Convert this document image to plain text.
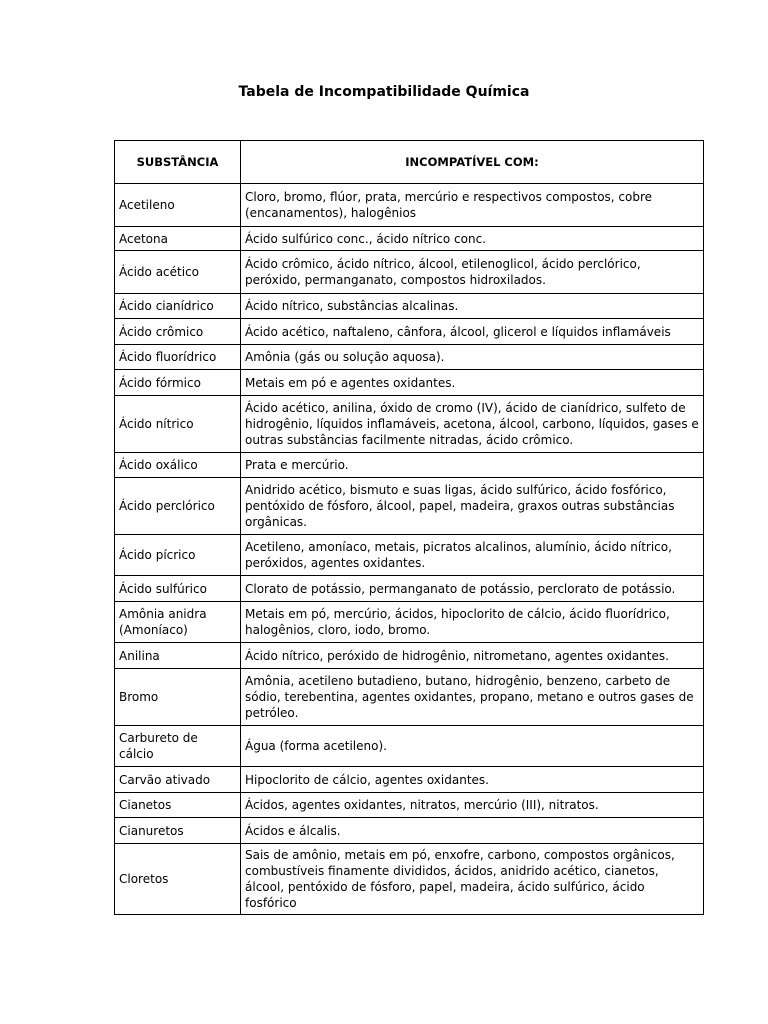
Tabela de Incompatibilidade Química
SUBSTÂNCIA	INCOMPATÍVEL COM:
Acetileno	Cloro, bromo, flúor, prata, mercúrio e respectivos compostos, cobre (encanamentos), halogênios
Acetona	Ácido sulfúrico conc., ácido nítrico conc.
Ácido acético	Ácido crômico, ácido nítrico, álcool, etilenoglicol, ácido perclórico, peróxido, permanganato, compostos hidroxilados.
Ácido cianídrico	Ácido nítrico, substâncias alcalinas.
Ácido crômico	Ácido acético, naftaleno, cânfora, álcool, glicerol e líquidos inflamáveis
Ácido fluorídrico	Amônia (gás ou solução aquosa).
Ácido fórmico	Metais em pó e agentes oxidantes.
Ácido nítrico	Ácido acético, anilina, óxido de cromo (IV), ácido de cianídrico, sulfeto de hidrogênio, líquidos inflamáveis, acetona, álcool, carbono, líquidos, gases e outras substâncias facilmente nitradas, ácido crômico.
Ácido oxálico	Prata e mercúrio.
Ácido perclórico	Anidrido acético, bismuto e suas ligas, ácido sulfúrico, ácido fosfórico, pentóxido de fósforo, álcool, papel, madeira, graxos outras substâncias orgânicas.
Ácido pícrico	Acetileno, amoníaco, metais, picratos alcalinos, alumínio, ácido nítrico, peróxidos, agentes oxidantes.
Ácido sulfúrico	Clorato de potássio, permanganato de potássio, perclorato de potássio.
Amônia anidra (Amoníaco)	Metais em pó, mercúrio, ácidos, hipoclorito de cálcio, ácido fluorídrico, halogênios, cloro, iodo, bromo.
Anilina	Ácido nítrico, peróxido de hidrogênio, nitrometano, agentes oxidantes.
Bromo	Amônia, acetileno butadieno, butano, hidrogênio, benzeno, carbeto de sódio, terebentina, agentes oxidantes, propano, metano e outros gases de petróleo.
Carbureto de cálcio	Água (forma acetileno).
Carvão ativado	Hipoclorito de cálcio, agentes oxidantes.
Cianetos	Ácidos, agentes oxidantes, nitratos, mercúrio (III), nitratos.
Cianuretos	Ácidos e álcalis.
Cloretos	Sais de amônio, metais em pó, enxofre, carbono, compostos orgânicos, combustíveis finamente divididos, ácidos, anidrido acético, cianetos, álcool, pentóxido de fósforo, papel, madeira, ácido sulfúrico, ácido fosfórico
